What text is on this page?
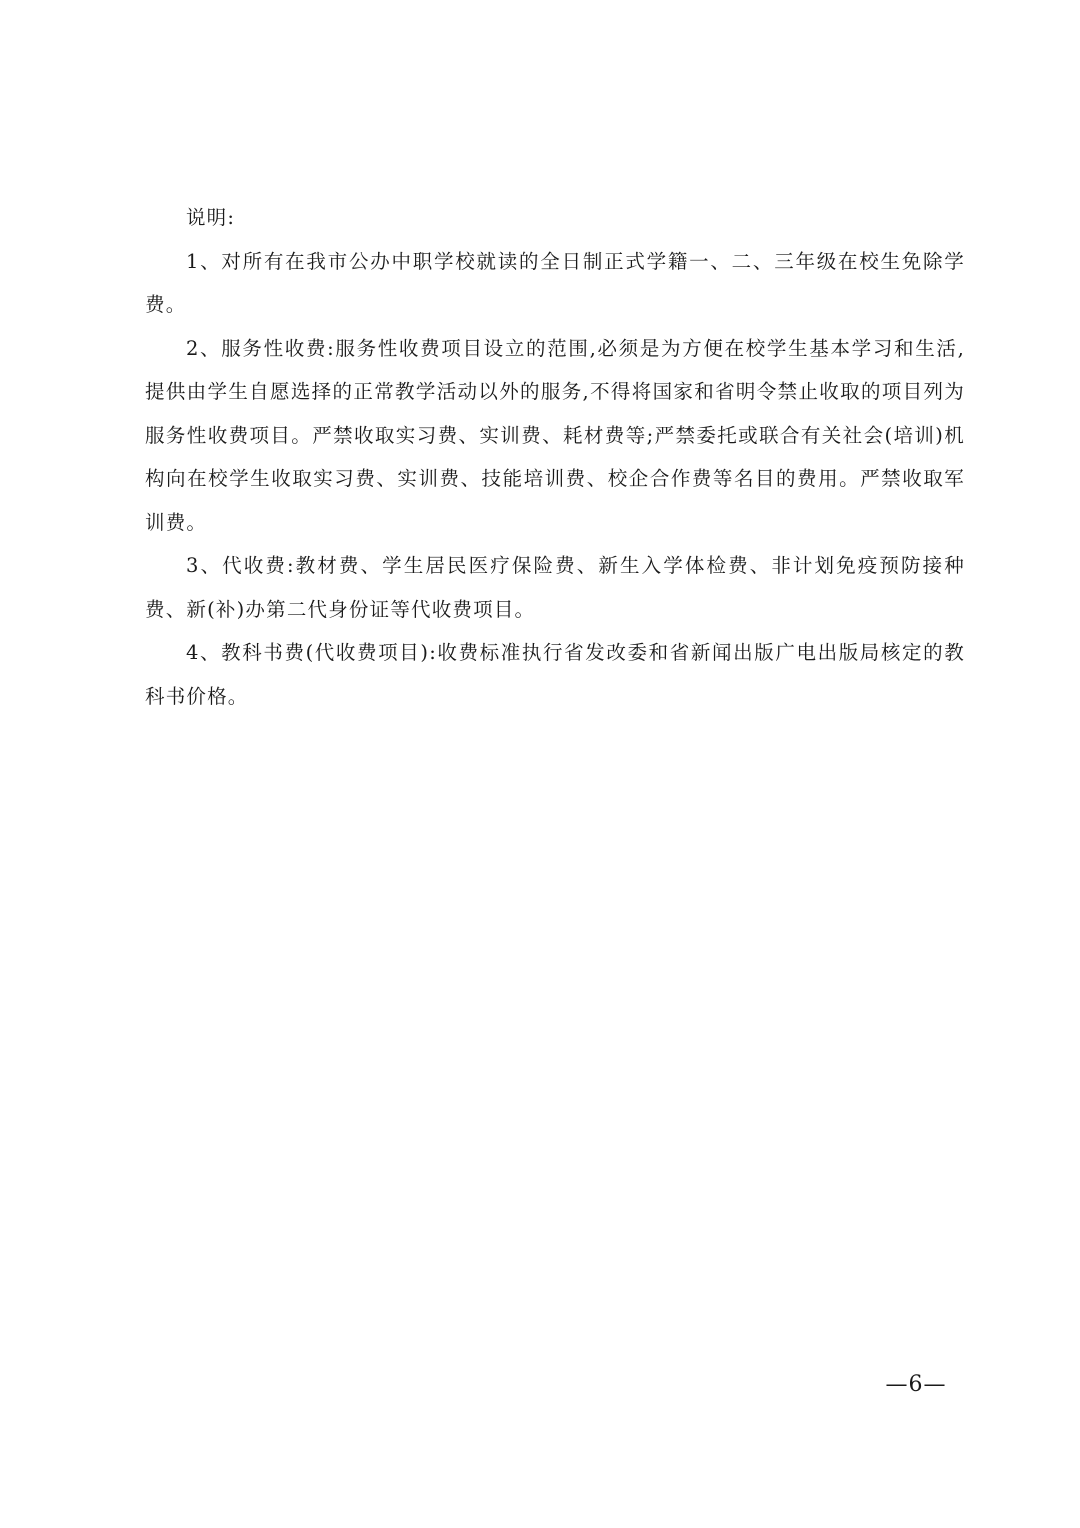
说明:

1、对所有在我市公办中职学校就读的全日制正式学籍一、二、三年级在校生免除学费。

2、服务性收费:服务性收费项目设立的范围,必须是为方便在校学生基本学习和生活,提供由学生自愿选择的正常教学活动以外的服务,不得将国家和省明令禁止收取的项目列为服务性收费项目。严禁收取实习费、实训费、耗材费等;严禁委托或联合有关社会(培训)机构向在校学生收取实习费、实训费、技能培训费、校企合作费等名目的费用。严禁收取军训费。

3、代收费:教材费、学生居民医疗保险费、新生入学体检费、非计划免疫预防接种费、新(补)办第二代身份证等代收费项目。

4、教科书费(代收费项目):收费标准执行省发改委和省新闻出版广电出版局核定的教科书价格。

—6—
